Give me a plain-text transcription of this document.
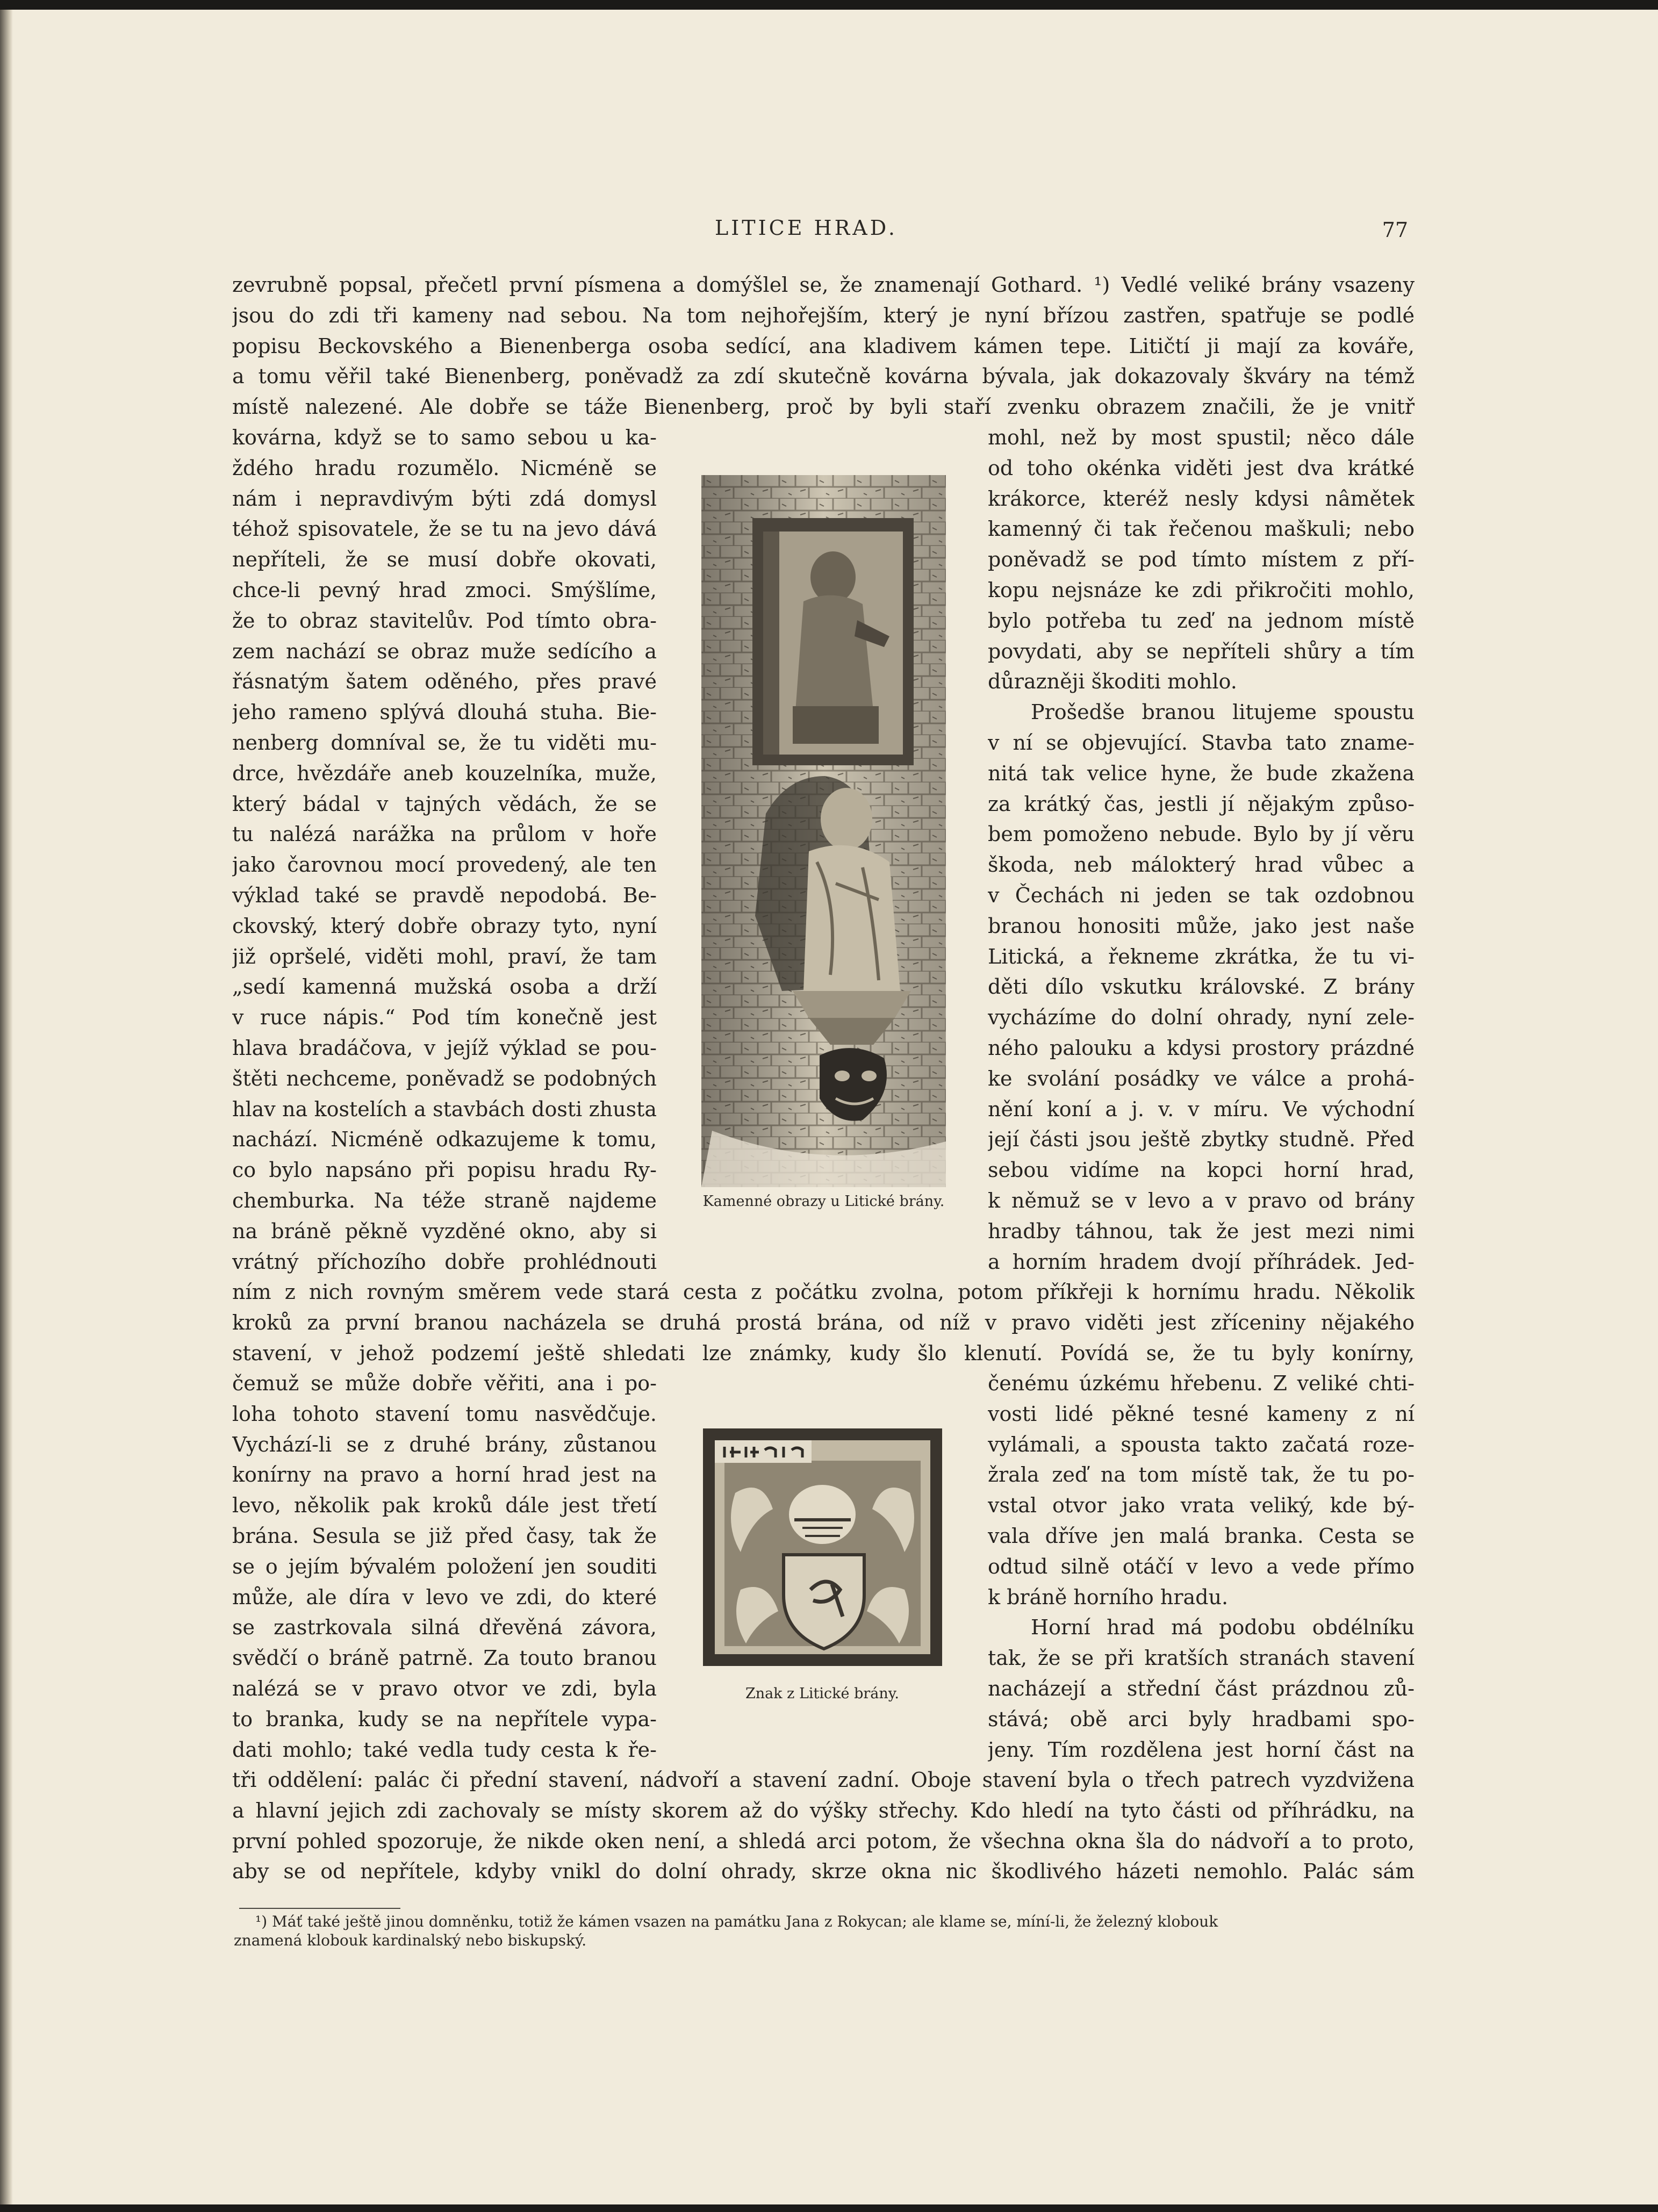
LITICE HRAD.	77
zevrubně popsal, přečetl první písmena a domýšlel se, že znamenají Gothard. ¹) Vedlé veliké brány vsazeny
jsou do zdi tři kameny nad sebou. Na tom nejhořejším, který je nyní břízou zastřen, spatřuje se podlé
popisu Beckovského a Bienenberga osoba sedící, ana kladivem kámen tepe. Litičtí ji mají za kováře,
a tomu věřil také Bienenberg, poněvadž za zdí skutečně kovárna bývala, jak dokazovaly škváry na témž
místě nalezené. Ale dobře se táže Bienenberg, proč by byli staří zvenku obrazem značili, že je vnitř
kovárna, když se to samo sebou u ka-
ždého hradu rozumělo. Nicméně se
nám i nepravdivým býti zdá domysl
téhož spisovatele, že se tu na jevo dává
nepříteli, že se musí dobře okovati,
chce-li pevný hrad zmoci. Smýšlíme,
že to obraz stavitelův. Pod tímto obra-
zem nachází se obraz muže sedícího a
řásnatým šatem oděného, přes pravé
jeho rameno splývá dlouhá stuha. Bie-
nenberg domníval se, že tu viděti mu-
drce, hvězdáře aneb kouzelníka, muže,
který bádal v tajných vědách, že se
tu nalézá narážka na průlom v hoře
jako čarovnou mocí provedený, ale ten
výklad také se pravdě nepodobá. Be-
ckovský, který dobře obrazy tyto, nyní
již opršelé, viděti mohl, praví, že tam
„sedí kamenná mužská osoba a drží
v ruce nápis.“ Pod tím konečně jest
hlava bradáčova, v jejíž výklad se pou-
štěti nechceme, poněvadž se podobných
hlav na kostelích a stavbách dosti zhusta
nachází. Nicméně odkazujeme k tomu,
co bylo napsáno při popisu hradu Ry-
chemburka. Na téže straně najdeme
na bráně pěkně vyzděné okno, aby si
vrátný příchozího dobře prohlédnouti
Kamenné obrazy u Litické brány.
mohl, než by most spustil; něco dále
od toho okénka viděti jest dva krátké
krákorce, kteréž nesly kdysi nâmětek
kamenný či tak řečenou maškuli; nebo
poněvadž se pod tímto místem z pří-
kopu nejsnáze ke zdi přikročiti mohlo,
bylo potřeba tu zeď na jednom místě
povydati, aby se nepříteli shůry a tím
důrazněji škoditi mohlo.
Prošedše branou litujeme spoustu
v ní se objevující. Stavba tato zname-
nitá tak velice hyne, že bude zkažena
za krátký čas, jestli jí nějakým způso-
bem pomoženo nebude. Bylo by jí věru
škoda, neb málokterý hrad vůbec a
v Čechách ni jeden se tak ozdobnou
branou honositi může, jako jest naše
Litická, a řekneme zkrátka, že tu vi-
děti dílo vskutku královské. Z brány
vycházíme do dolní ohrady, nyní zele-
ného palouku a kdysi prostory prázdné
ke svolání posádky ve válce a prohá-
nění koní a j. v. v míru. Ve východní
její části jsou ještě zbytky studně. Před
sebou vidíme na kopci horní hrad,
k němuž se v levo a v pravo od brány
hradby táhnou, tak že jest mezi nimi
a horním hradem dvojí příhrádek. Jed-
ním z nich rovným směrem vede stará cesta z počátku zvolna, potom příkřeji k hornímu hradu. Několik
kroků za první branou nacházela se druhá prostá brána, od níž v pravo viděti jest zříceniny nějakého
stavení, v jehož podzemí ještě shledati lze známky, kudy šlo klenutí. Povídá se, že tu byly konírny,
čemuž se může dobře věřiti, ana i po-
loha tohoto stavení tomu nasvědčuje.
Vychází-li se z druhé brány, zůstanou
konírny na pravo a horní hrad jest na
levo, několik pak kroků dále jest třetí
brána. Sesula se již před časy, tak že
se o jejím bývalém položení jen souditi
může, ale díra v levo ve zdi, do které
se zastrkovala silná dřevěná závora,
svědčí o bráně patrně. Za touto branou
nalézá se v pravo otvor ve zdi, byla
to branka, kudy se na nepřítele vypa-
dati mohlo; také vedla tudy cesta k ře-
Znak z Litické brány.
čenému úzkému hřebenu. Z veliké chti-
vosti lidé pěkné tesné kameny z ní
vylámali, a spousta takto začatá roze-
žrala zeď na tom místě tak, že tu po-
vstal otvor jako vrata veliký, kde bý-
vala dříve jen malá branka. Cesta se
odtud silně otáčí v levo a vede přímo
k bráně horního hradu.
Horní hrad má podobu obdélníku
tak, že se při kratších stranách stavení
nacházejí a střední část prázdnou zů-
stává; obě arci byly hradbami spo-
jeny. Tím rozdělena jest horní část na
tři oddělení: palác či přední stavení, nádvoří a stavení zadní. Oboje stavení byla o třech patrech vyzdvižena
a hlavní jejich zdi zachovaly se místy skorem až do výšky střechy. Kdo hledí na tyto části od příhrádku, na
první pohled spozoruje, že nikde oken není, a shledá arci potom, že všechna okna šla do nádvoří a to proto,
aby se od nepřítele, kdyby vnikl do dolní ohrady, skrze okna nic škodlivého házeti nemohlo. Palác sám
¹) Máť také ještě jinou domněnku, totiž že kámen vsazen na památku Jana z Rokycan; ale klame se, míní-li, že železný klobouk
znamená klobouk kardinalský nebo biskupský.
